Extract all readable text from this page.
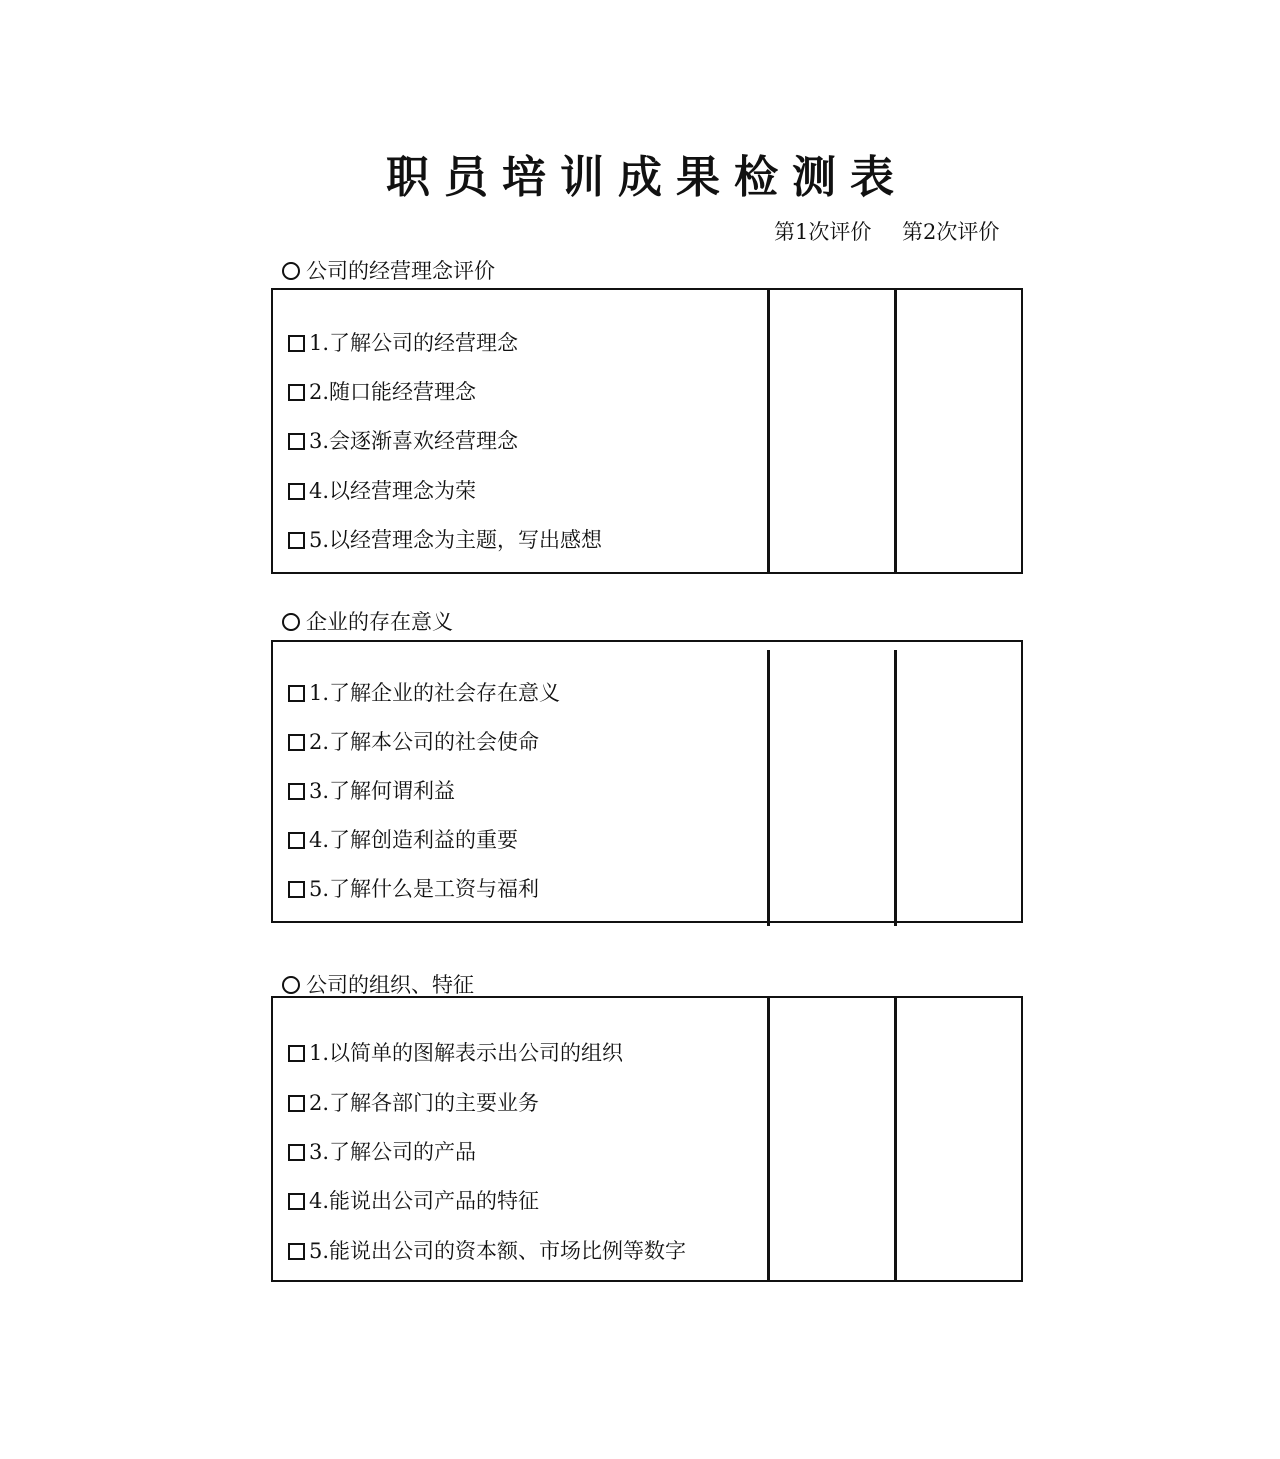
职员培训成果检测表
第1次评价 第2次评价
公司的经营理念评价
1.了解公司的经营理念
2.随口能经营理念
3.会逐渐喜欢经营理念
4.以经营理念为荣
5.以经营理念为主题，写出感想
企业的存在意义
1.了解企业的社会存在意义
2.了解本公司的社会使命
3.了解何谓利益
4.了解创造利益的重要
5.了解什么是工资与福利
公司的组织、特征
1.以简单的图解表示出公司的组织
2.了解各部门的主要业务
3.了解公司的产品
4.能说出公司产品的特征
5.能说出公司的资本额、市场比例等数字
